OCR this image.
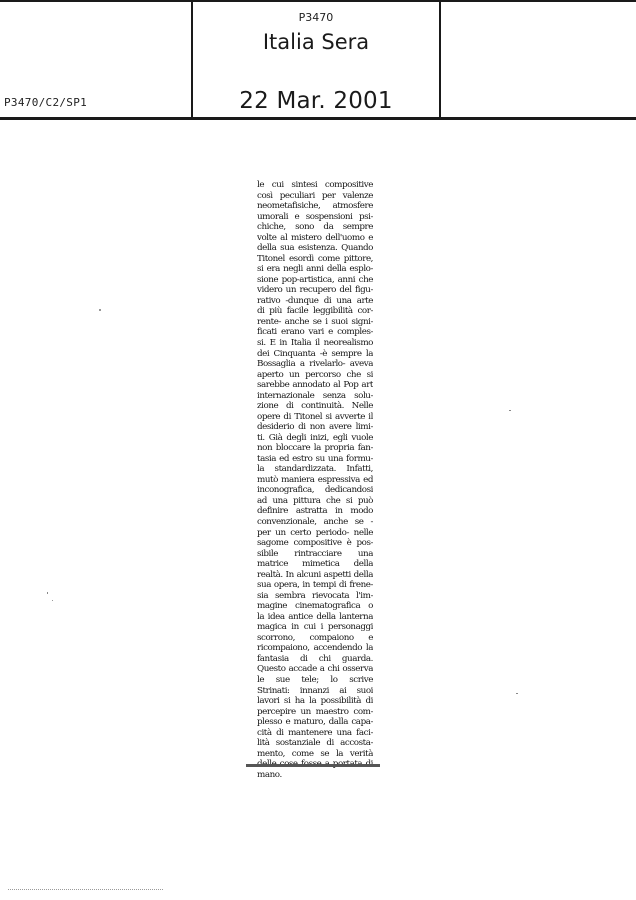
P3470/C2/SP1
P3470
Italia Sera
22 Mar. 2001
le cui sintesi compositive
così peculiari per valenze
neometafisiche, atmosfere
umorali e sospensioni psi-
chiche, sono da sempre
volte al mistero dell'uomo e
della sua esistenza. Quando
Titonel esordì come pittore,
si era negli anni della esplo-
sione pop-artistica, anni che
videro un recupero del figu-
rativo -dunque di una arte
di più facile leggibilità cor-
rente- anche se i suoi signi-
ficati erano vari e comples-
si. E in Italia il neorealismo
dei Cinquanta -è sempre la
Bossaglia a rivelarlo- aveva
aperto un percorso che si
sarebbe annodato al Pop art
internazionale senza solu-
zione di continuità. Nelle
opere di Titonel si avverte il
desiderio di non avere limi-
ti. Già degli inizi, egli vuole
non bloccare la propria fan-
tasia ed estro su una formu-
la standardizzata. Infatti,
mutò maniera espressiva ed
inconografica, dedicandosi
ad una pittura che si può
definire astratta in modo
convenzionale, anche se -
per un certo periodo- nelle
sagome compositive è pos-
sibile rintracciare una
matrice mimetica della
realtà. In alcuni aspetti della
sua opera, in tempi di frene-
sia sembra rievocata l'im-
magine cinematografica o
la idea antice della lanterna
magica in cui i personaggi
scorrono, compaiono e
ricompaiono, accendendo la
fantasia di chi guarda.
Questo accade a chi osserva
le sue tele; lo scrive
Strinati: innanzi ai suoi
lavori si ha la possibilità di
percepire un maestro com-
plesso e maturo, dalla capa-
cità di mantenere una faci-
lità sostanziale di accosta-
mento, come se la verità
mano.
